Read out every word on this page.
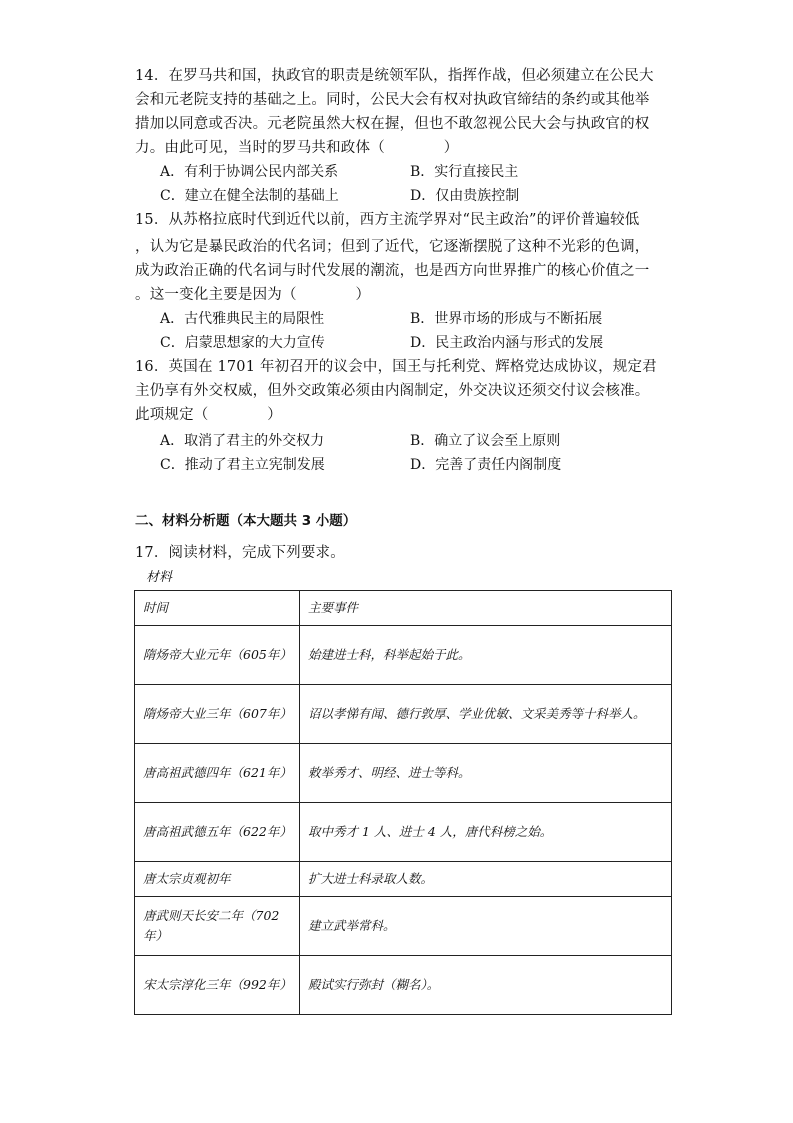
14．在罗马共和国，执政官的职责是统领军队，指挥作战，但必须建立在公民大
会和元老院支持的基础之上。同时，公民大会有权对执政官缔结的条约或其他举
措加以同意或否决。元老院虽然大权在握，但也不敢忽视公民大会与执政官的权
力。由此可见，当时的罗马共和政体（　　　　）
A．有利于协调公民内部关系	B．实行直接民主
C．建立在健全法制的基础上	D．仅由贵族控制
15．从苏格拉底时代到近代以前，西方主流学界对“民主政治”的评价普遍较低
，认为它是暴民政治的代名词；但到了近代，它逐渐摆脱了这种不光彩的色调，
成为政治正确的代名词与时代发展的潮流，也是西方向世界推广的核心价值之一
。这一变化主要是因为（　　　　）
A．古代雅典民主的局限性	B．世界市场的形成与不断拓展
C．启蒙思想家的大力宣传	D．民主政治内涵与形式的发展
16．英国在 1701 年初召开的议会中，国王与托利党、辉格党达成协议，规定君
主仍享有外交权威，但外交政策必须由内阁制定，外交决议还须交付议会核准。
此项规定（　　　　）
A．取消了君主的外交权力	B．确立了议会至上原则
C．推动了君主立宪制发展	D．完善了责任内阁制度
二、材料分析题（本大题共 3 小题）
17．阅读材料，完成下列要求。
材料
时间	主要事件
隋炀帝大业元年（605年）	始建进士科，科举起始于此。
隋炀帝大业三年（607年）	诏以孝悌有闻、德行敦厚、学业优敏、文采美秀等十科举人。
唐高祖武德四年（621年）	敕举秀才、明经、进士等科。
唐高祖武德五年（622年）	取中秀才 1 人、进士 4 人，唐代科榜之始。
唐太宗贞观初年	扩大进士科录取人数。
唐武则天长安二年（702年）	建立武举常科。
宋太宗淳化三年（992年）	殿试实行弥封（糊名）。
